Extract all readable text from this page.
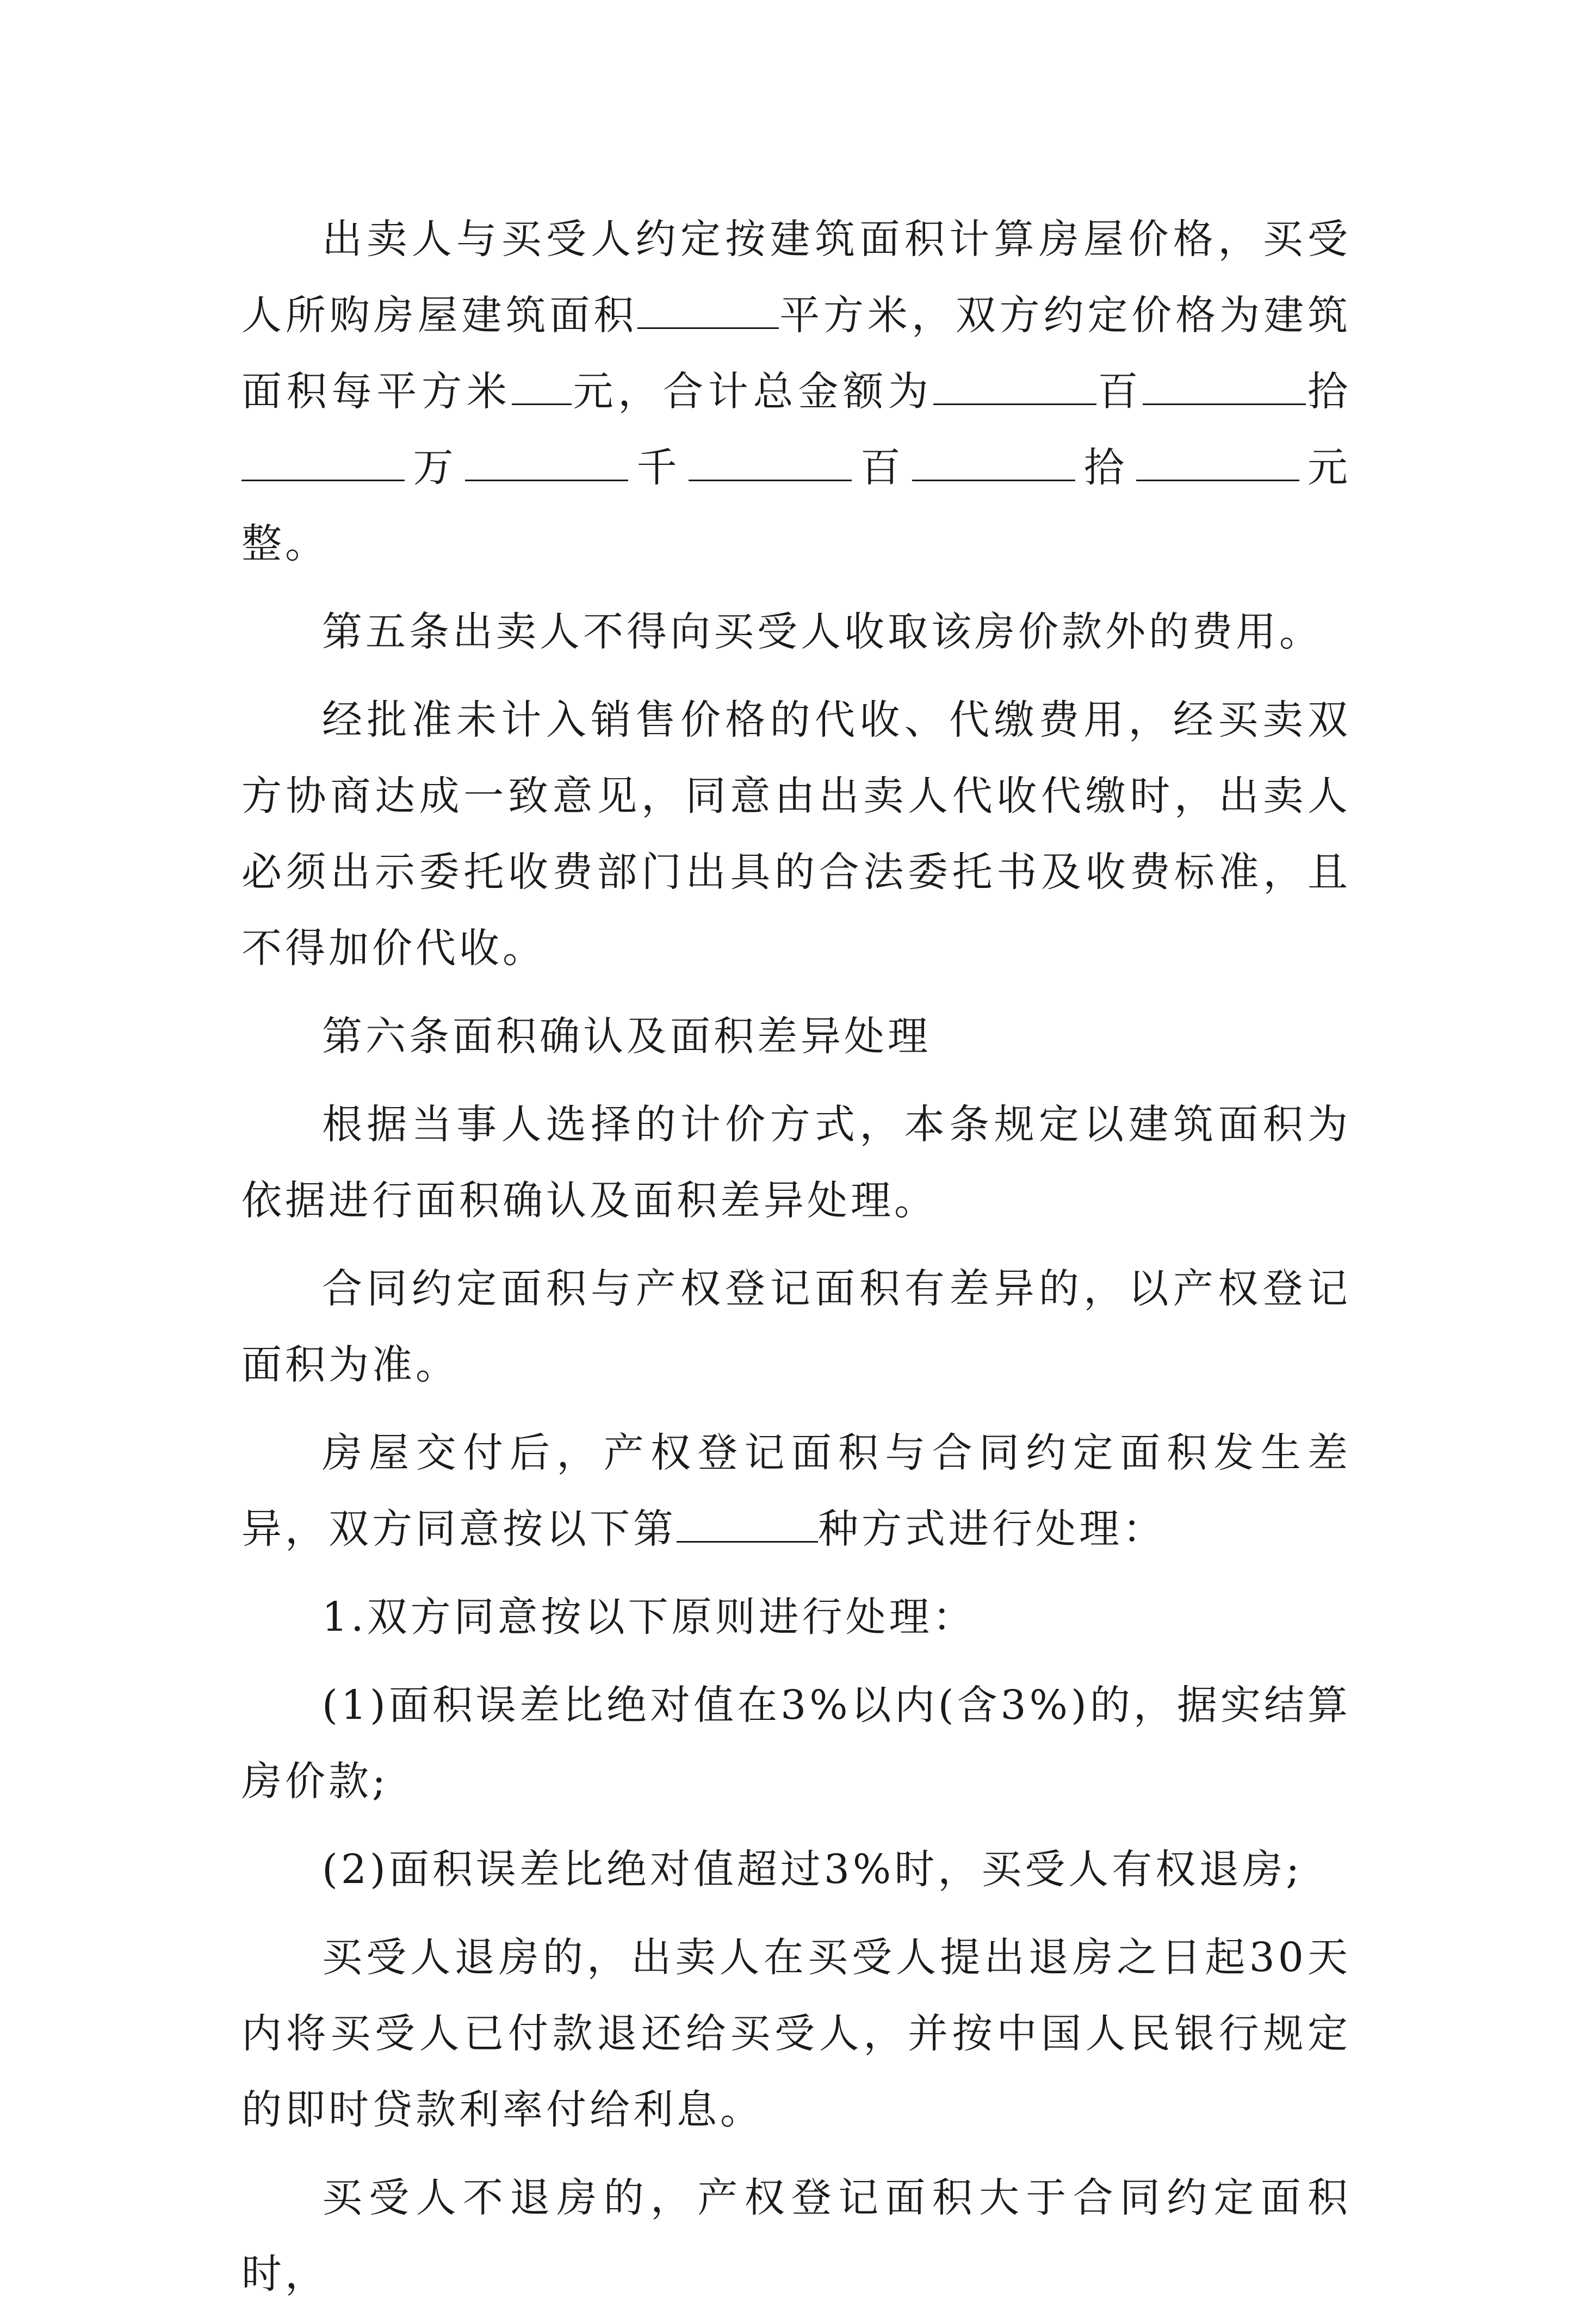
出卖人与买受人约定按建筑面积计算房屋价格，买受人所购房屋建筑面积	平方米，双方约定价格为建筑面积每平方米 元，合计总金额为	百	拾万	千	百	拾	元整。

第五条出卖人不得向买受人收取该房价款外的费用。

经批准未计入销售价格的代收、代缴费用，经买卖双方协商达成一致意见，同意由出卖人代收代缴时，出卖人必须出示委托收费部门出具的合法委托书及收费标准，且不得加价代收。

第六条面积确认及面积差异处理

根据当事人选择的计价方式，本条规定以建筑面积为依据进行面积确认及面积差异处理。

合同约定面积与产权登记面积有差异的，以产权登记面积为准。

房屋交付后，产权登记面积与合同约定面积发生差异，双方同意按以下第	种方式进行处理：

1.双方同意按以下原则进行处理：

(1)面积误差比绝对值在3%以内(含3%)的，据实结算房价款;

(2)面积误差比绝对值超过3%时，买受人有权退房;

买受人退房的，出卖人在买受人提出退房之日起30天内将买受人已付款退还给买受人，并按中国人民银行规定的即时贷款利率付给利息。

买受人不退房的，产权登记面积大于合同约定面积时，
